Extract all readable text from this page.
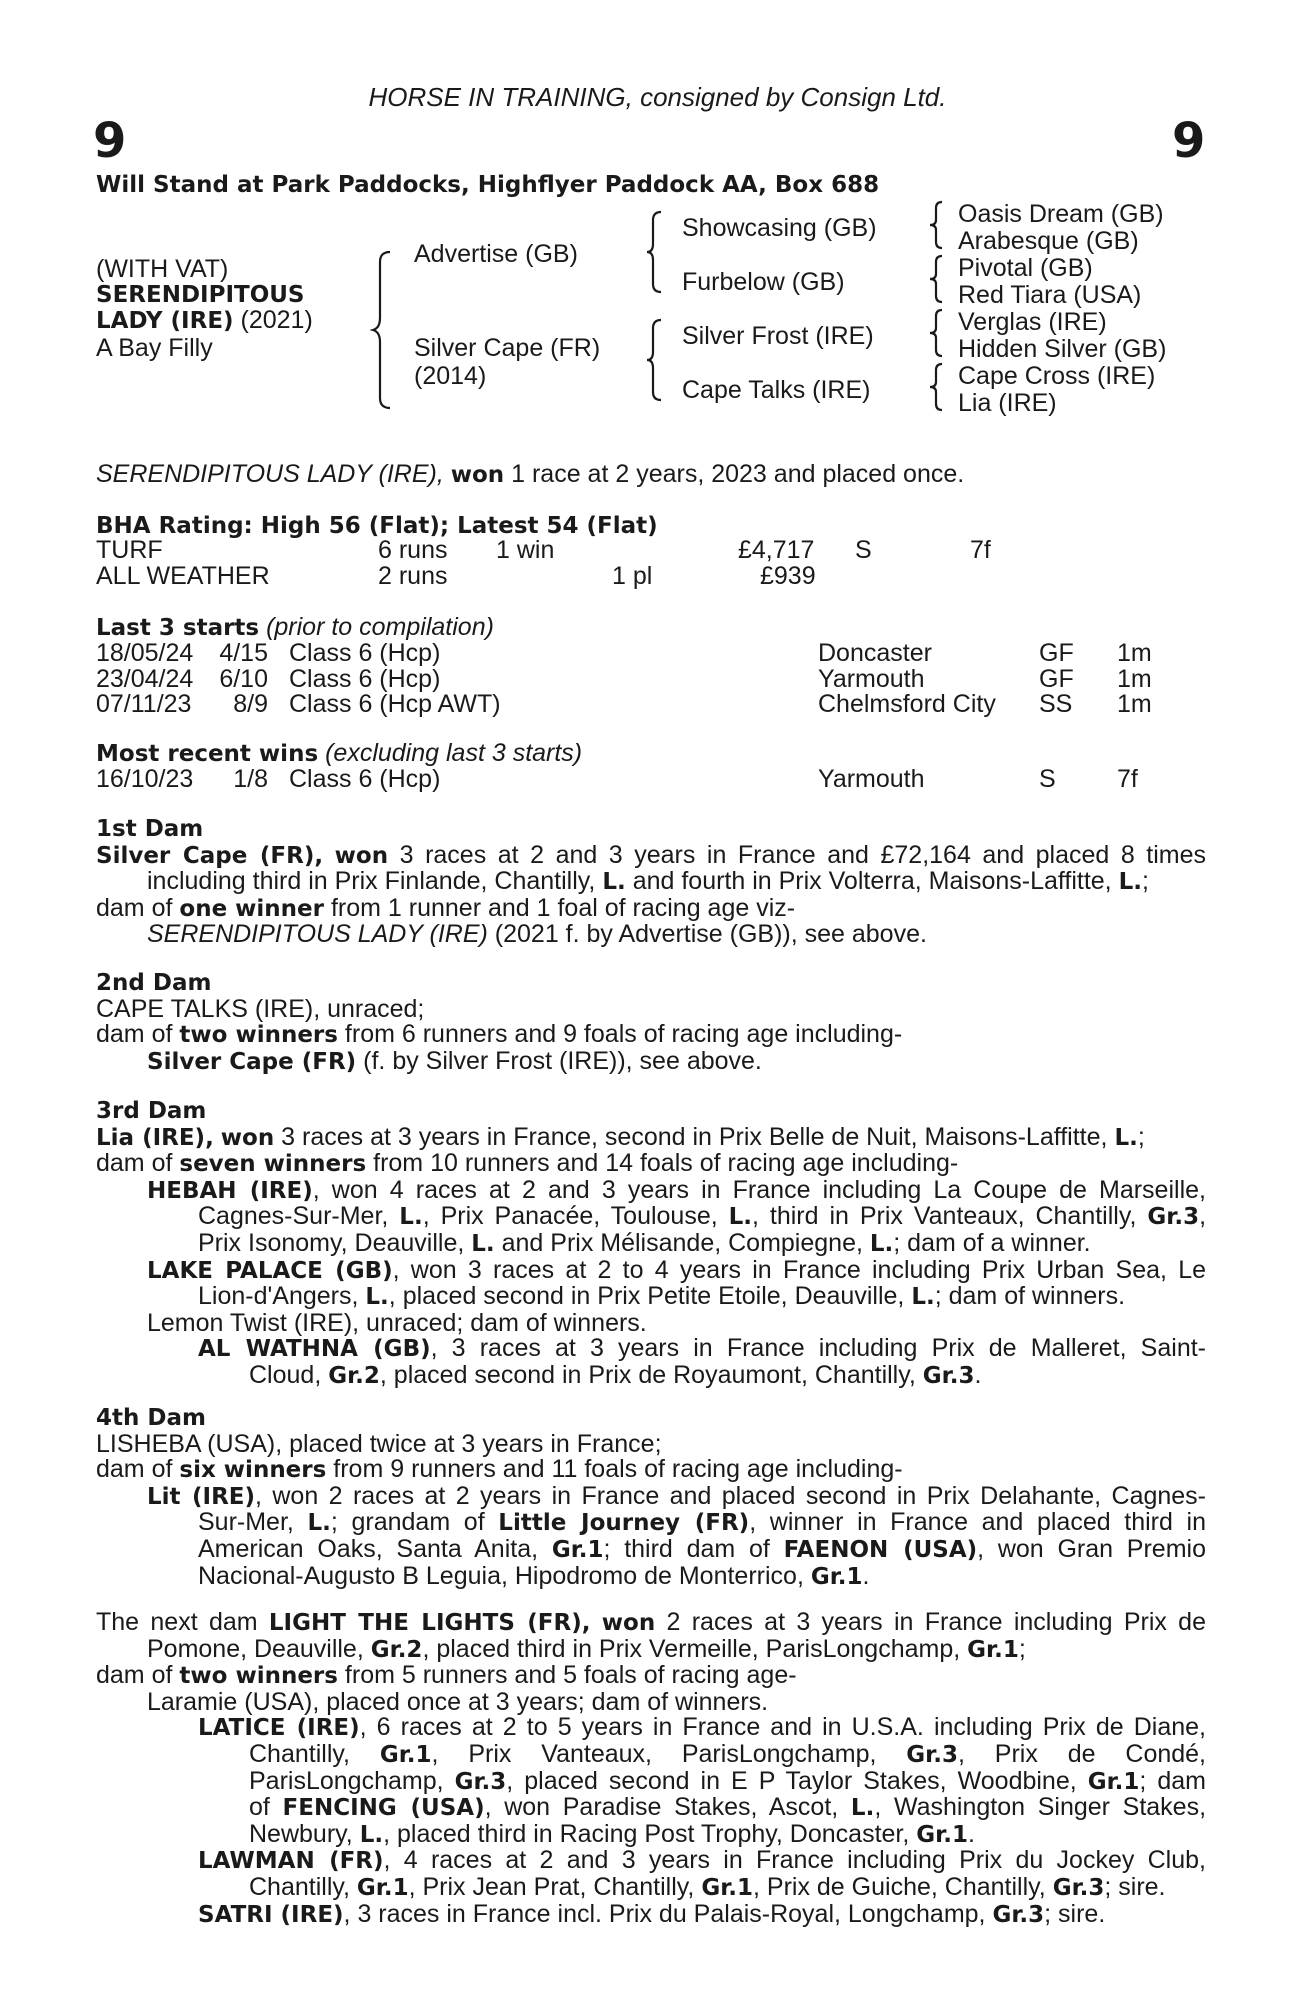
HORSE IN TRAINING, consigned by Consign Ltd.
9	9
Will Stand at Park Paddocks, Highflyer Paddock AA, Box 688
(WITH VAT)
SERENDIPITOUS
LADY (IRE) (2021)
A Bay Filly
Advertise (GB)
Silver Cape (FR)
(2014)
Showcasing (GB)
Furbelow (GB)
Silver Frost (IRE)
Cape Talks (IRE)
Oasis Dream (GB)
Arabesque (GB)
Pivotal (GB)
Red Tiara (USA)
Verglas (IRE)
Hidden Silver (GB)
Cape Cross (IRE)
Lia (IRE)
SERENDIPITOUS LADY (IRE), won 1 race at 2 years, 2023 and placed once.
BHA Rating: High 56 (Flat); Latest 54 (Flat)
TURF	6 runs 1 win	£4,717 S	7f
ALL WEATHER	2 runs	1 pl	£939
Last 3 starts (prior to compilation)
18/05/24	4/15 Class 6 (Hcp)	Doncaster	GF 1m
23/04/24	6/10 Class 6 (Hcp)	Yarmouth	GF 1m
07/11/23	8/9 Class 6 (Hcp AWT)	Chelmsford City SS 1m
Most recent wins (excluding last 3 starts)
16/10/23	1/8 Class 6 (Hcp)	Yarmouth	S 7f
1st Dam
Silver Cape (FR), won 3 races at 2 and 3 years in France and £72,164 and placed 8 times
including third in Prix Finlande, Chantilly, L. and fourth in Prix Volterra, Maisons-Laffitte, L.;
dam of one winner from 1 runner and 1 foal of racing age viz-
SERENDIPITOUS LADY (IRE) (2021 f. by Advertise (GB)), see above.
2nd Dam
CAPE TALKS (IRE), unraced;
dam of two winners from 6 runners and 9 foals of racing age including-
Silver Cape (FR) (f. by Silver Frost (IRE)), see above.
3rd Dam
Lia (IRE), won 3 races at 3 years in France, second in Prix Belle de Nuit, Maisons-Laffitte, L.;
dam of seven winners from 10 runners and 14 foals of racing age including-
HEBAH (IRE), won 4 races at 2 and 3 years in France including La Coupe de Marseille,
Cagnes-Sur-Mer, L., Prix Panacée, Toulouse, L., third in Prix Vanteaux, Chantilly, Gr.3,
Prix Isonomy, Deauville, L. and Prix Mélisande, Compiegne, L.; dam of a winner.
LAKE PALACE (GB), won 3 races at 2 to 4 years in France including Prix Urban Sea, Le
Lion-d'Angers, L., placed second in Prix Petite Etoile, Deauville, L.; dam of winners.
Lemon Twist (IRE), unraced; dam of winners.
AL WATHNA (GB), 3 races at 3 years in France including Prix de Malleret, Saint-
Cloud, Gr.2, placed second in Prix de Royaumont, Chantilly, Gr.3.
4th Dam
LISHEBA (USA), placed twice at 3 years in France;
dam of six winners from 9 runners and 11 foals of racing age including-
Lit (IRE), won 2 races at 2 years in France and placed second in Prix Delahante, Cagnes-
Sur-Mer, L.; grandam of Little Journey (FR), winner in France and placed third in
American Oaks, Santa Anita, Gr.1; third dam of FAENON (USA), won Gran Premio
Nacional-Augusto B Leguia, Hipodromo de Monterrico, Gr.1.
The next dam LIGHT THE LIGHTS (FR), won 2 races at 3 years in France including Prix de
Pomone, Deauville, Gr.2, placed third in Prix Vermeille, ParisLongchamp, Gr.1;
dam of two winners from 5 runners and 5 foals of racing age-
Laramie (USA), placed once at 3 years; dam of winners.
LATICE (IRE), 6 races at 2 to 5 years in France and in U.S.A. including Prix de Diane,
Chantilly, Gr.1, Prix Vanteaux, ParisLongchamp, Gr.3, Prix de Condé,
ParisLongchamp, Gr.3, placed second in E P Taylor Stakes, Woodbine, Gr.1; dam
of FENCING (USA), won Paradise Stakes, Ascot, L., Washington Singer Stakes,
Newbury, L., placed third in Racing Post Trophy, Doncaster, Gr.1.
LAWMAN (FR), 4 races at 2 and 3 years in France including Prix du Jockey Club,
Chantilly, Gr.1, Prix Jean Prat, Chantilly, Gr.1, Prix de Guiche, Chantilly, Gr.3; sire.
SATRI (IRE), 3 races in France incl. Prix du Palais-Royal, Longchamp, Gr.3; sire.
